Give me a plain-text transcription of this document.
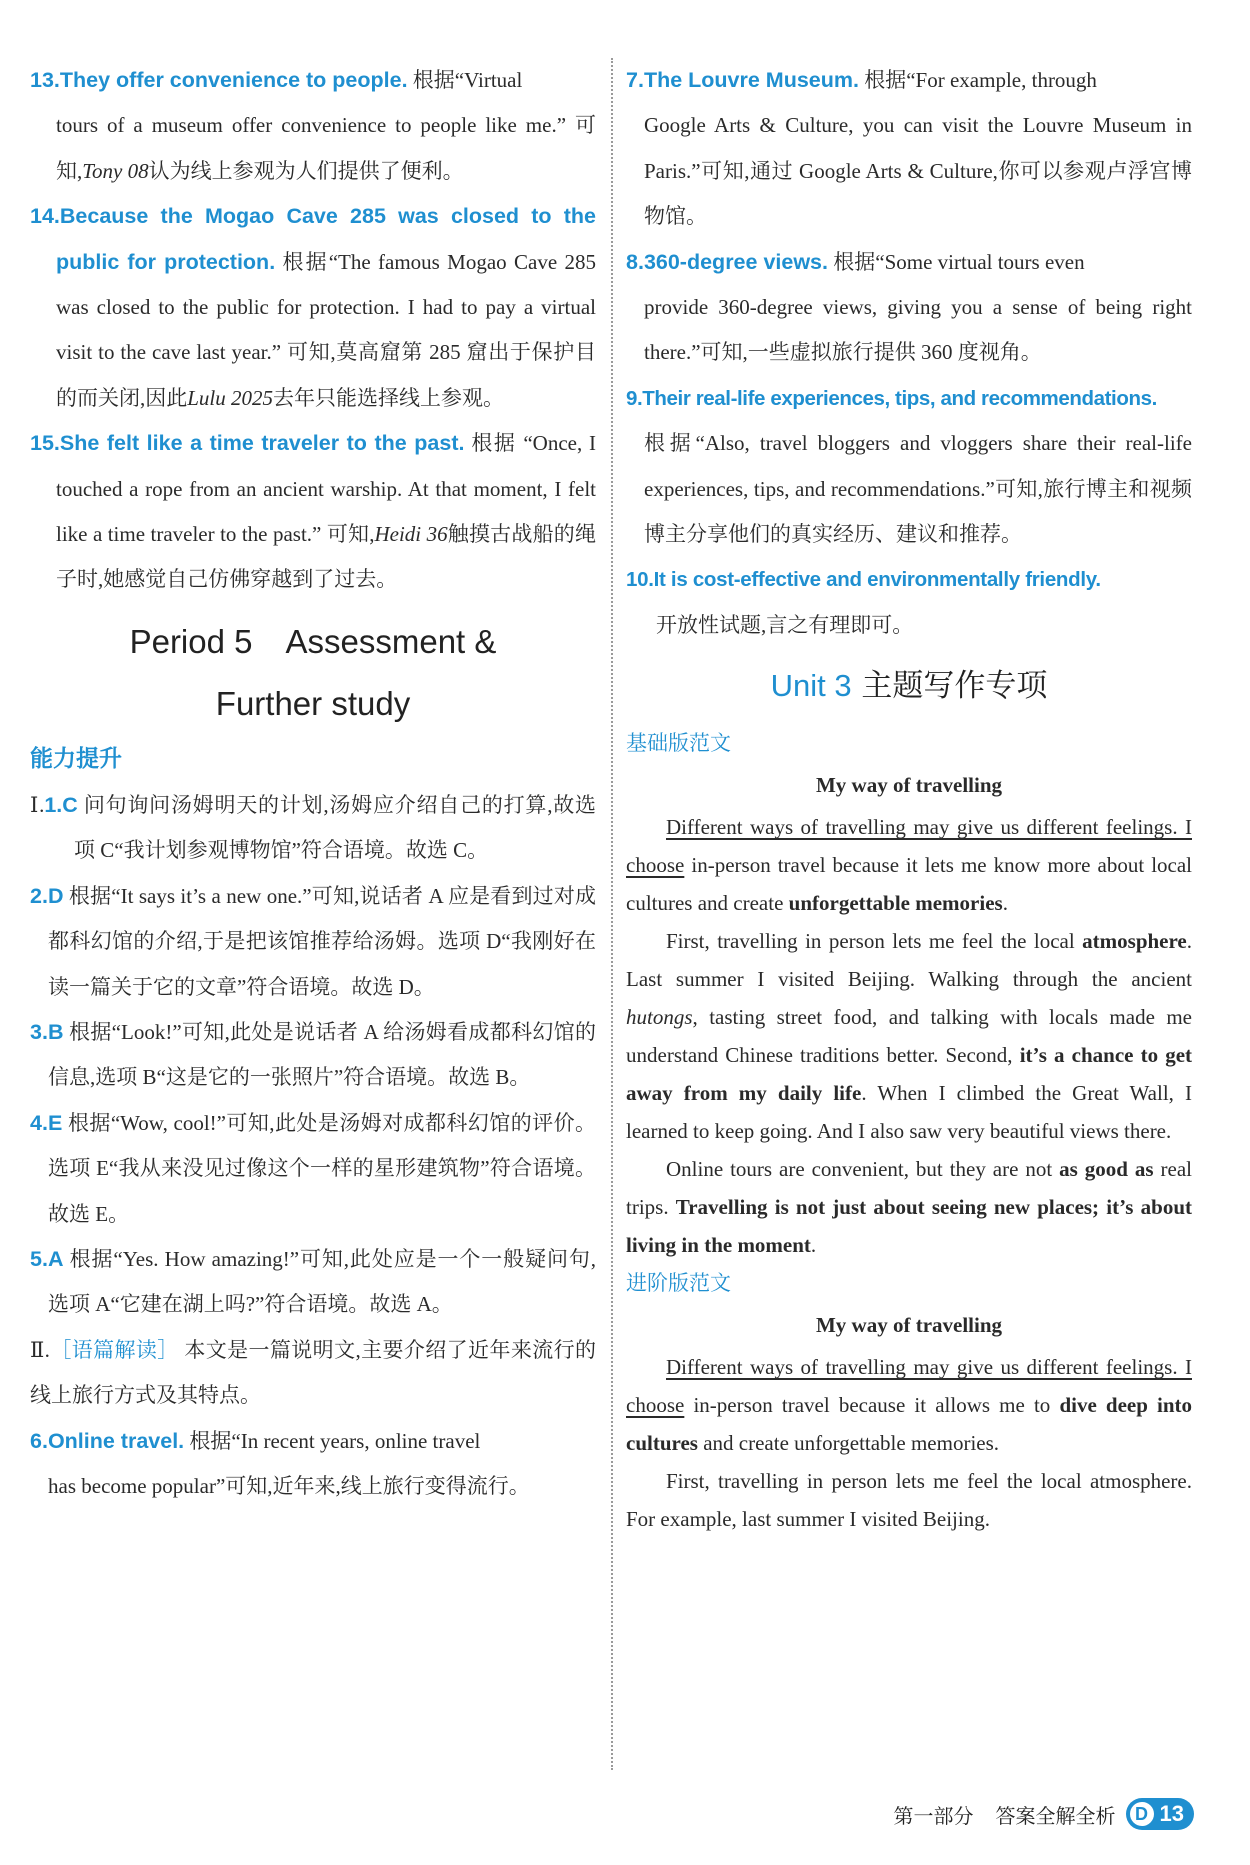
13.They offer convenience to people. 根据“Virtual
tours of a museum offer convenience to people like me.” 可知,Tony 08认为线上参观为人们提供了便利。
14.Because the Mogao Cave 285 was closed to the public for protection. 根据“The famous Mogao Cave 285 was closed to the public for protection. I had to pay a virtual visit to the cave last year.” 可知,莫高窟第 285 窟出于保护目的而关闭,因此Lulu 2025去年只能选择线上参观。
15.She felt like a time traveler to the past. 根据 “Once, I touched a rope from an ancient warship. At that moment, I felt like a time traveler to the past.” 可知,Heidi 36触摸古战船的绳子时,她感觉自己仿佛穿越到了过去。
Period 5　Assessment &
Further study
能力提升
Ⅰ.1.C 问句询问汤姆明天的计划,汤姆应介绍自己的打算,故选项 C“我计划参观博物馆”符合语境。故选 C。
2.D 根据“It says it’s a new one.”可知,说话者 A 应是看到过对成都科幻馆的介绍,于是把该馆推荐给汤姆。选项 D“我刚好在读一篇关于它的文章”符合语境。故选 D。
3.B 根据“Look!”可知,此处是说话者 A 给汤姆看成都科幻馆的信息,选项 B“这是它的一张照片”符合语境。故选 B。
4.E 根据“Wow, cool!”可知,此处是汤姆对成都科幻馆的评价。选项 E“我从来没见过像这个一样的星形建筑物”符合语境。故选 E。
5.A 根据“Yes. How amazing!”可知,此处应是一个一般疑问句,选项 A“它建在湖上吗?”符合语境。故选 A。
Ⅱ.［语篇解读］ 本文是一篇说明文,主要介绍了近年来流行的线上旅行方式及其特点。
6.Online travel. 根据“In recent years, online travel
has become popular”可知,近年来,线上旅行变得流行。
7.The Louvre Museum. 根据“For example, through
Google Arts & Culture, you can visit the Louvre Museum in Paris.”可知,通过 Google Arts & Culture,你可以参观卢浮宫博物馆。
8.360-degree views. 根据“Some virtual tours even
provide 360-degree views, giving you a sense of being right there.”可知,一些虚拟旅行提供 360 度视角。
9.Their real-life experiences, tips, and recommendations.
根据“Also, travel bloggers and vloggers share their real-life experiences, tips, and recommendations.”可知,旅行博主和视频博主分享他们的真实经历、建议和推荐。
10.It is cost-effective and environmentally friendly.
开放性试题,言之有理即可。
Unit 3 主题写作专项
基础版范文
My way of travelling
Different ways of travelling may give us different feelings. I choose in-person travel because it lets me know more about local cultures and create unforgettable memories.
First, travelling in person lets me feel the local atmosphere. Last summer I visited Beijing. Walking through the ancient hutongs, tasting street food, and talking with locals made me understand Chinese traditions better. Second, it’s a chance to get away from my daily life. When I climbed the Great Wall, I learned to keep going. And I also saw very beautiful views there.
Online tours are convenient, but they are not as good as real trips. Travelling is not just about seeing new places; it’s about living in the moment.
进阶版范文
My way of travelling
Different ways of travelling may give us different feelings. I choose in-person travel because it allows me to dive deep into cultures and create unforgettable memories.
First, travelling in person lets me feel the local atmosphere. For example, last summer I visited Beijing.
第一部分 答案全解全析	D 13
